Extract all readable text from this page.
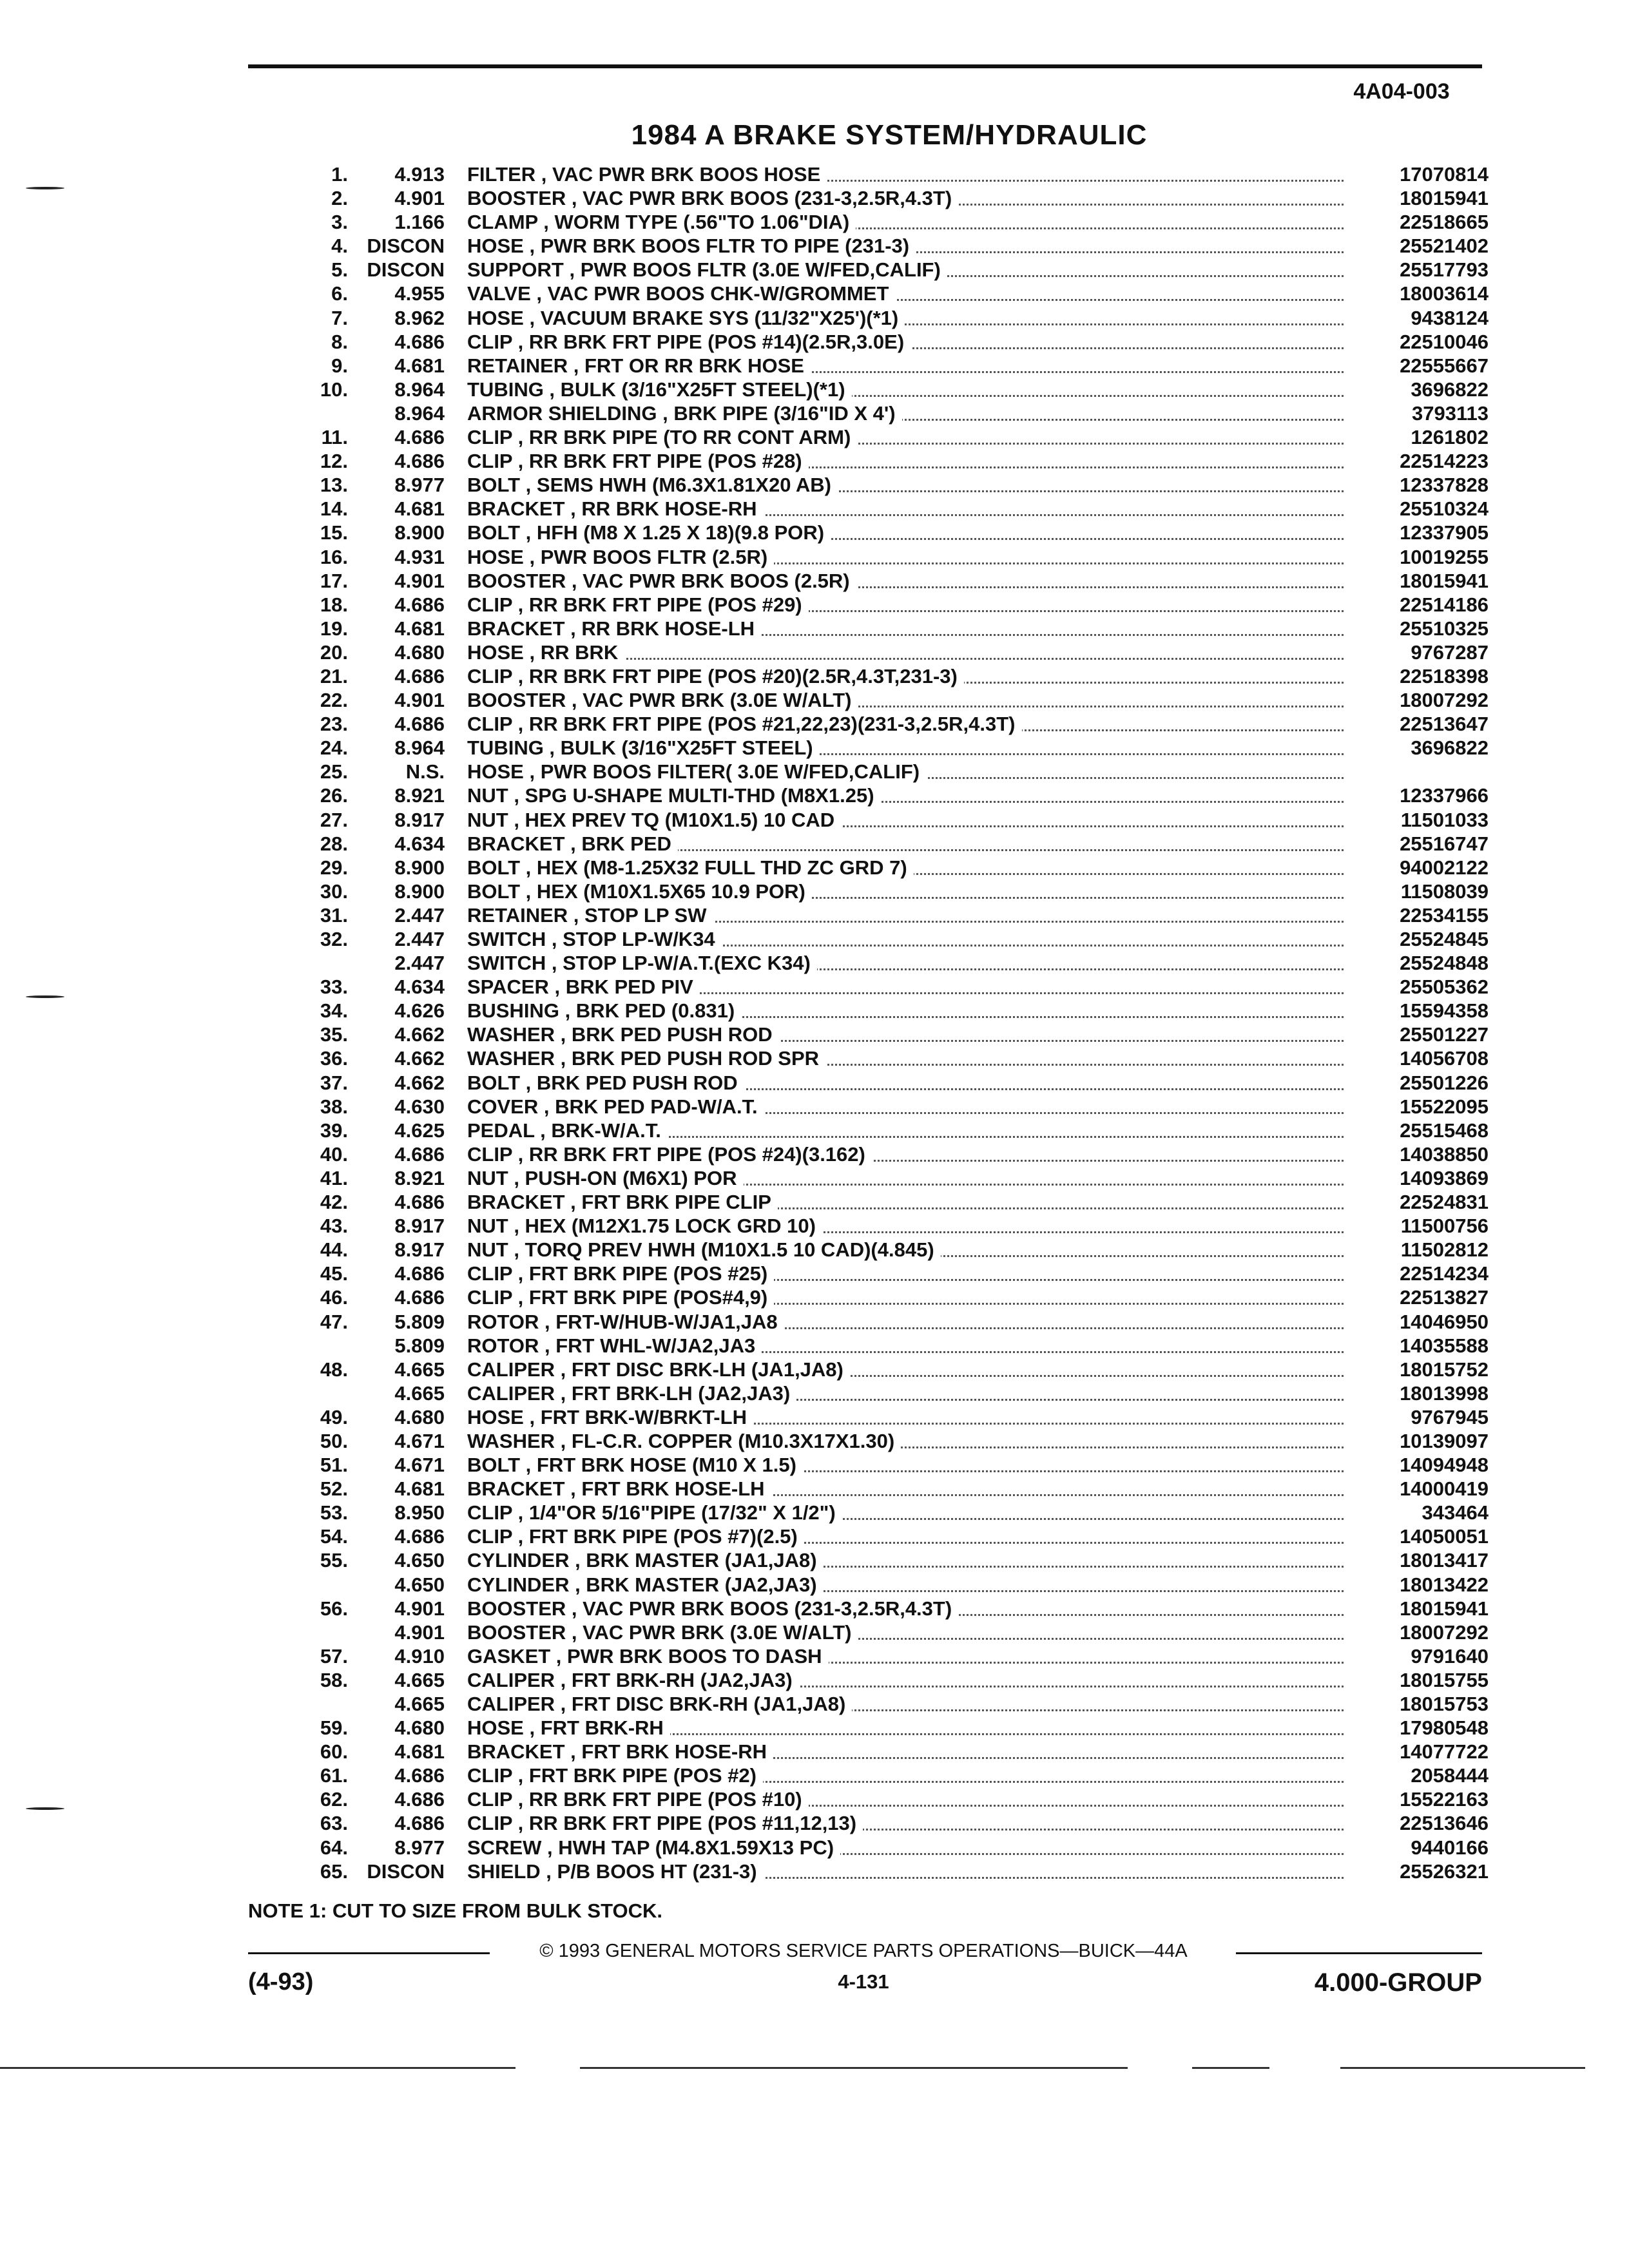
4A04-003
1984 A BRAKE SYSTEM/HYDRAULIC
1.	4.913 FILTER , VAC PWR BRK BOOS HOSE	17070814
2.	4.901 BOOSTER , VAC PWR BRK BOOS (231-3,2.5R,4.3T)	18015941
3.	1.166 CLAMP , WORM TYPE (.56"TO 1.06"DIA)	22518665
4. DISCON HOSE , PWR BRK BOOS FLTR TO PIPE (231-3)	25521402
5. DISCON SUPPORT , PWR BOOS FLTR (3.0E W/FED,CALIF)	25517793
6.	4.955 VALVE , VAC PWR BOOS CHK-W/GROMMET	18003614
7.	8.962 HOSE , VACUUM BRAKE SYS (11/32"X25')(*1)	9438124
8.	4.686 CLIP , RR BRK FRT PIPE (POS #14)(2.5R,3.0E)	22510046
9.	4.681 RETAINER , FRT OR RR BRK HOSE	22555667
10.	8.964 TUBING , BULK (3/16"X25FT STEEL)(*1)	3696822
8.964 ARMOR SHIELDING , BRK PIPE (3/16"ID X 4')	3793113
11.	4.686 CLIP , RR BRK PIPE (TO RR CONT ARM)	1261802
12.	4.686 CLIP , RR BRK FRT PIPE (POS #28)	22514223
13.	8.977 BOLT , SEMS HWH (M6.3X1.81X20 AB)	12337828
14.	4.681 BRACKET , RR BRK HOSE-RH	25510324
15.	8.900 BOLT , HFH (M8 X 1.25 X 18)(9.8 POR)	12337905
16.	4.931 HOSE , PWR BOOS FLTR (2.5R)	10019255
17.	4.901 BOOSTER , VAC PWR BRK BOOS (2.5R)	18015941
18.	4.686 CLIP , RR BRK FRT PIPE (POS #29)	22514186
19.	4.681 BRACKET , RR BRK HOSE-LH	25510325
20.	4.680 HOSE , RR BRK	9767287
21.	4.686 CLIP , RR BRK FRT PIPE (POS #20)(2.5R,4.3T,231-3)	22518398
22.	4.901 BOOSTER , VAC PWR BRK (3.0E W/ALT)	18007292
23.	4.686 CLIP , RR BRK FRT PIPE (POS #21,22,23)(231-3,2.5R,4.3T)	22513647
24.	8.964 TUBING , BULK (3/16"X25FT STEEL)	3696822
25.	N.S. HOSE , PWR BOOS FILTER( 3.0E W/FED,CALIF)
26.	8.921 NUT , SPG U-SHAPE MULTI-THD (M8X1.25)	12337966
27.	8.917 NUT , HEX PREV TQ (M10X1.5) 10 CAD	11501033
28.	4.634 BRACKET , BRK PED	25516747
29.	8.900 BOLT , HEX (M8-1.25X32 FULL THD ZC GRD 7)	94002122
30.	8.900 BOLT , HEX (M10X1.5X65 10.9 POR)	11508039
31.	2.447 RETAINER , STOP LP SW	22534155
32.	2.447 SWITCH , STOP LP-W/K34	25524845
2.447 SWITCH , STOP LP-W/A.T.(EXC K34)	25524848
33.	4.634 SPACER , BRK PED PIV	25505362
34.	4.626 BUSHING , BRK PED (0.831)	15594358
35.	4.662 WASHER , BRK PED PUSH ROD	25501227
36.	4.662 WASHER , BRK PED PUSH ROD SPR	14056708
37.	4.662 BOLT , BRK PED PUSH ROD	25501226
38.	4.630 COVER , BRK PED PAD-W/A.T.	15522095
39.	4.625 PEDAL , BRK-W/A.T.	25515468
40.	4.686 CLIP , RR BRK FRT PIPE (POS #24)(3.162)	14038850
41.	8.921 NUT , PUSH-ON (M6X1) POR	14093869
42.	4.686 BRACKET , FRT BRK PIPE CLIP	22524831
43.	8.917 NUT , HEX (M12X1.75 LOCK GRD 10)	11500756
44.	8.917 NUT , TORQ PREV HWH (M10X1.5 10 CAD)(4.845)	11502812
45.	4.686 CLIP , FRT BRK PIPE (POS #25)	22514234
46.	4.686 CLIP , FRT BRK PIPE (POS#4,9)	22513827
47.	5.809 ROTOR , FRT-W/HUB-W/JA1,JA8	14046950
5.809 ROTOR , FRT WHL-W/JA2,JA3	14035588
48.	4.665 CALIPER , FRT DISC BRK-LH (JA1,JA8)	18015752
4.665 CALIPER , FRT BRK-LH (JA2,JA3)	18013998
49.	4.680 HOSE , FRT BRK-W/BRKT-LH	9767945
50.	4.671 WASHER , FL-C.R. COPPER (M10.3X17X1.30)	10139097
51.	4.671 BOLT , FRT BRK HOSE (M10 X 1.5)	14094948
52.	4.681 BRACKET , FRT BRK HOSE-LH	14000419
53.	8.950 CLIP , 1/4"OR 5/16"PIPE (17/32" X 1/2")	343464
54.	4.686 CLIP , FRT BRK PIPE (POS #7)(2.5)	14050051
55.	4.650 CYLINDER , BRK MASTER (JA1,JA8)	18013417
4.650 CYLINDER , BRK MASTER (JA2,JA3)	18013422
56.	4.901 BOOSTER , VAC PWR BRK BOOS (231-3,2.5R,4.3T)	18015941
4.901 BOOSTER , VAC PWR BRK (3.0E W/ALT)	18007292
57.	4.910 GASKET , PWR BRK BOOS TO DASH	9791640
58.	4.665 CALIPER , FRT BRK-RH (JA2,JA3)	18015755
4.665 CALIPER , FRT DISC BRK-RH (JA1,JA8)	18015753
59.	4.680 HOSE , FRT BRK-RH	17980548
60.	4.681 BRACKET , FRT BRK HOSE-RH	14077722
61.	4.686 CLIP , FRT BRK PIPE (POS #2)	2058444
62.	4.686 CLIP , RR BRK FRT PIPE (POS #10)	15522163
63.	4.686 CLIP , RR BRK FRT PIPE (POS #11,12,13)	22513646
64.	8.977 SCREW , HWH TAP (M4.8X1.59X13 PC)	9440166
65. DISCON SHIELD , P/B BOOS HT (231-3)	25526321
NOTE 1: CUT TO SIZE FROM BULK STOCK.
© 1993 GENERAL MOTORS SERVICE PARTS OPERATIONS—BUICK—44A
(4-93)	4-131	4.000-GROUP
